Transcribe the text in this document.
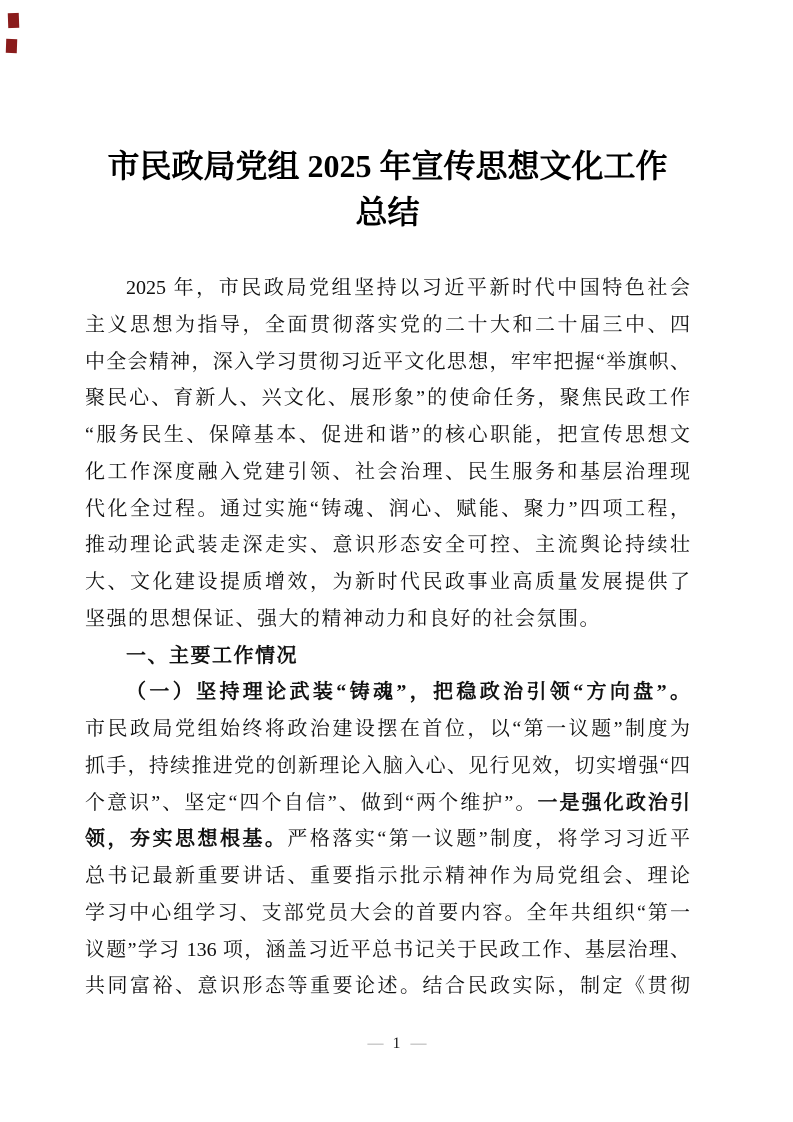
市民政局党组 2025 年宣传思想文化工作
总结
2025 年，市民政局党组坚持以习近平新时代中国特色社会
主义思想为指导，全面贯彻落实党的二十大和二十届三中、四
中全会精神，深入学习贯彻习近平文化思想，牢牢把握“举旗帜、
聚民心、育新人、兴文化、展形象”的使命任务，聚焦民政工作
“服务民生、保障基本、促进和谐”的核心职能，把宣传思想文
化工作深度融入党建引领、社会治理、民生服务和基层治理现
代化全过程。通过实施“铸魂、润心、赋能、聚力”四项工程，
推动理论武装走深走实、意识形态安全可控、主流舆论持续壮
大、文化建设提质增效，为新时代民政事业高质量发展提供了
坚强的思想保证、强大的精神动力和良好的社会氛围。
一、主要工作情况
（一）坚持理论武装“铸魂”，把稳政治引领“方向盘”。
市民政局党组始终将政治建设摆在首位，以“第一议题”制度为
抓手，持续推进党的创新理论入脑入心、见行见效，切实增强“四
个意识”、坚定“四个自信”、做到“两个维护”。一是强化政治引
领，夯实思想根基。严格落实“第一议题”制度，将学习习近平
总书记最新重要讲话、重要指示批示精神作为局党组会、理论
学习中心组学习、支部党员大会的首要内容。全年共组织“第一
议题”学习 136 项，涵盖习近平总书记关于民政工作、基层治理、
共同富裕、意识形态等重要论述。结合民政实际，制定《贯彻
— 1 —
